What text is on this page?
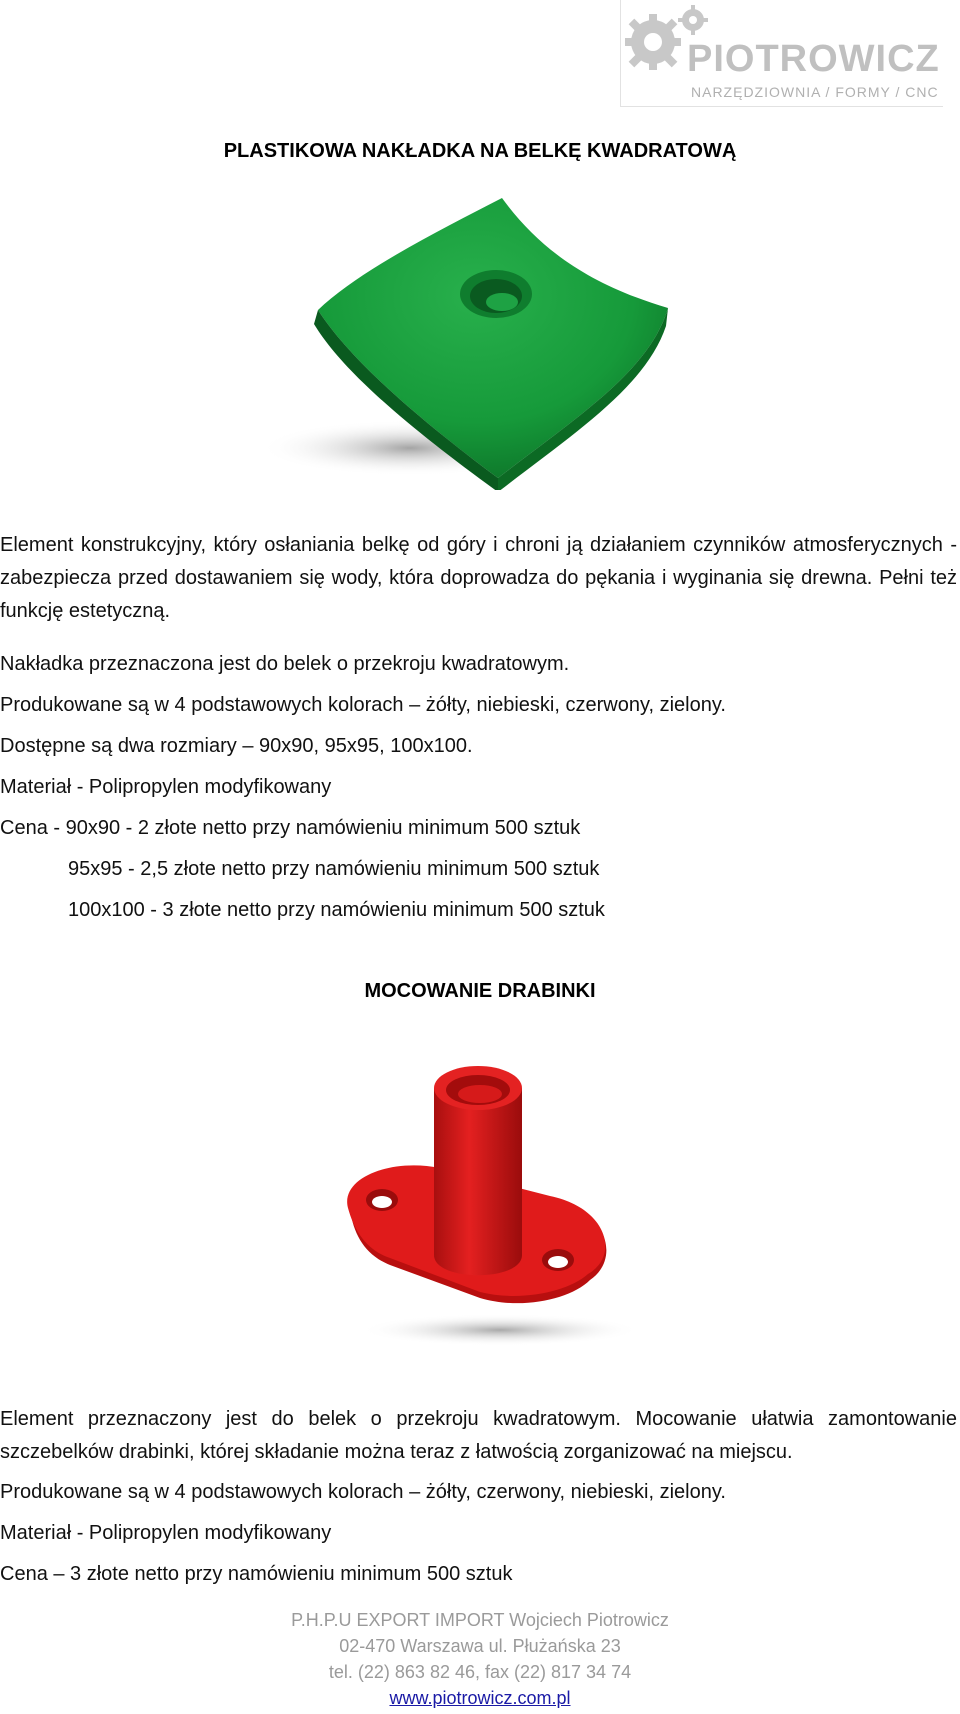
PIOTROWICZ
NARZĘDZIOWNIA / FORMY / CNC
PLASTIKOWA NAKŁADKA NA BELKĘ KWADRATOWĄ
Element konstrukcyjny, który osłaniania belkę od góry i chroni ją działaniem czynników atmosferycznych - zabezpiecza przed dostawaniem się wody, która doprowadza do pękania i wyginania się drewna. Pełni też funkcję estetyczną.
Nakładka przeznaczona jest do belek o przekroju kwadratowym.
Produkowane są w 4 podstawowych kolorach – żółty, niebieski, czerwony, zielony.
Dostępne są dwa rozmiary – 90x90, 95x95, 100x100.
Materiał - Polipropylen modyfikowany
Cena - 90x90 - 2 złote netto przy namówieniu minimum 500 sztuk
95x95 - 2,5 złote netto przy namówieniu minimum 500 sztuk
100x100 - 3 złote netto przy namówieniu minimum 500 sztuk
MOCOWANIE DRABINKI
Element przeznaczony jest do belek o przekroju kwadratowym. Mocowanie ułatwia zamontowanie szczebelków drabinki, której składanie można teraz z łatwością zorganizować na miejscu.
Produkowane są w 4 podstawowych kolorach – żółty, czerwony, niebieski, zielony.
Materiał - Polipropylen modyfikowany
Cena – 3 złote netto przy namówieniu minimum 500 sztuk
P.H.P.U EXPORT IMPORT Wojciech Piotrowicz
02-470 Warszawa ul. Płużańska 23
tel. (22) 863 82 46, fax (22) 817 34 74
www.piotrowicz.com.pl
